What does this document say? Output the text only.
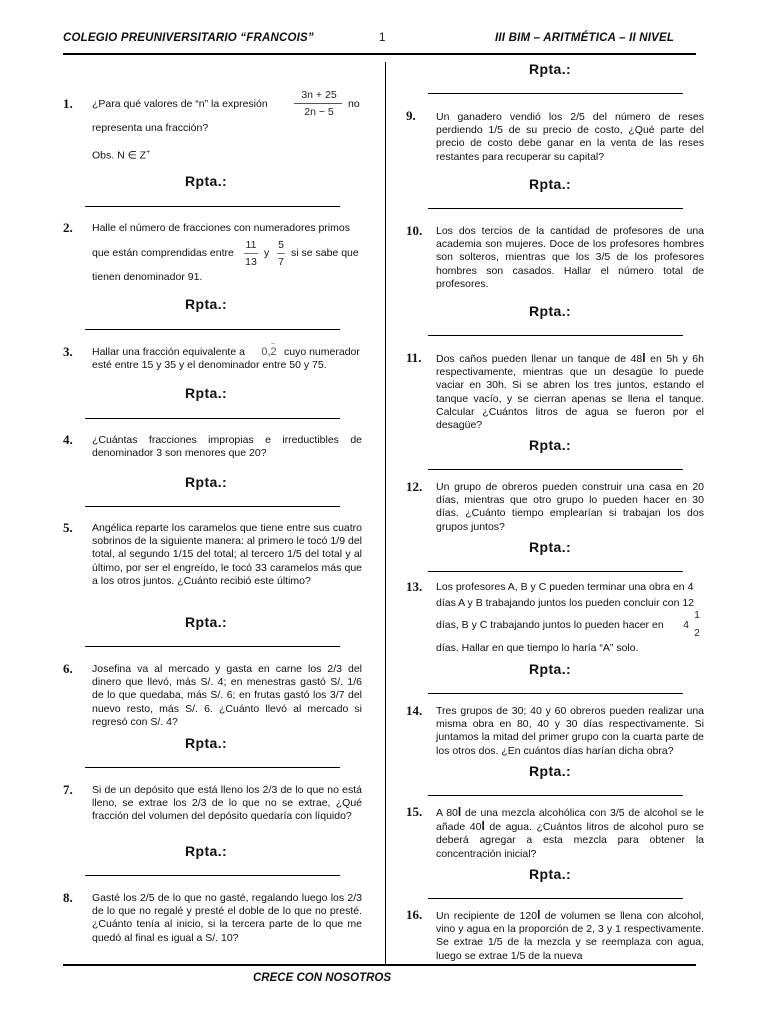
COLEGIO PREUNIVERSITARIO “FRANCOIS”	1	III BIM – ARITMÉTICA – II NIVEL
1. ¿Para qué valores de “n” la expresión
3n + 25
2n − 5
no
representa una fracción?
Obs. N ∈ Z+
Rpta.:
2. Halle el número de fracciones con numeradores primos
que están comprendidas entre
11
13
y
5
7
si se sabe que
tienen denominador 91.
Rpta.:
3. Hallar una fracción equivalente a
⌢
0,2 cuyo numerador
esté entre 15 y 35 y el denominador entre 50 y 75.
Rpta.:
4. ¿Cuántas fracciones impropias e irreductibles de denominador 3 son menores que 20?
Rpta.:
5. Angélica reparte los caramelos que tiene entre sus cuatro sobrinos de la siguiente manera: al primero le tocó 1/9 del total, al segundo 1/15 del total; al tercero 1/5 del total y al último, por ser el engreído, le tocó 33 caramelos más que a los otros juntos. ¿Cuánto recibió este último?
Rpta.:
6. Josefina va al mercado y gasta en carne los 2/3 del dinero que llevó, más S/. 4; en menestras gastó S/. 1/6 de lo que quedaba, más S/. 6; en frutas gastó los 3/7 del nuevo resto, más S/. 6. ¿Cuánto llevó al mercado si regresó con S/. 4?
Rpta.:
7. Si de un depósito que está lleno los 2/3 de lo que no está lleno, se extrae los 2/3 de lo que no se extrae, ¿Qué fracción del volumen del depósito quedaría con líquido?
Rpta.:
8. Gasté los 2/5 de lo que no gasté, regalando luego los 2/3 de lo que no regalé y presté el doble de lo que no presté. ¿Cuánto tenía al inicio, si la tercera parte de lo que me quedó al final es igual a S/. 10?
Rpta.:
9. Un ganadero vendió los 2/5 del número de reses perdiendo 1/5 de su precio de costo, ¿Qué parte del precio de costo debe ganar en la venta de las reses restantes para recuperar su capital?
Rpta.:
10. Los dos tercios de la cantidad de profesores de una academia son mujeres. Doce de los profesores hombres son solteros, mientras que los 3/5 de los profesores hombres son casados. Hallar el número total de profesores.
Rpta.:
11. Dos caños pueden llenar un tanque de 48l en 5h y 6h respectivamente, mientras que un desagüe lo puede vaciar en 30h. Si se abren los tres juntos, estando el tanque vacío, y se cierran apenas se llena el tanque. Calcular ¿Cuántos litros de agua se fueron por el desagüe?
Rpta.:
12. Un grupo de obreros pueden construir una casa en 20 días, mientras que otro grupo lo pueden hacer en 30 días. ¿Cuánto tiempo emplearían si trabajan los dos grupos juntos?
Rpta.:
13. Los profesores A, B y C pueden terminar una obra en 4
días A y B trabajando juntos los pueden concluir con 12
días, B y C trabajando juntos lo pueden hacer en	4
1
2
días. Hallar en que tiempo lo haría “A” solo.
Rpta.:
14. Tres grupos de 30; 40 y 60 obreros pueden realizar una misma obra en 80, 40 y 30 días respectivamente. Si juntamos la mitad del primer grupo con la cuarta parte de los otros dos. ¿En cuántos días harían dicha obra?
Rpta.:
15. A 80l de una mezcla alcohólica con 3/5 de alcohol se le añade 40l de agua. ¿Cuántos litros de alcohol puro se deberá agregar a esta mezcla para obtener la concentración inicial?
Rpta.:
16. Un recipiente de 120l de volumen se llena con alcohol, vino y agua en la proporción de 2, 3 y 1 respectivamente. Se extrae 1/5 de la mezcla y se reemplaza con agua, luego se extrae 1/5 de la nueva
CRECE CON NOSOTROS
